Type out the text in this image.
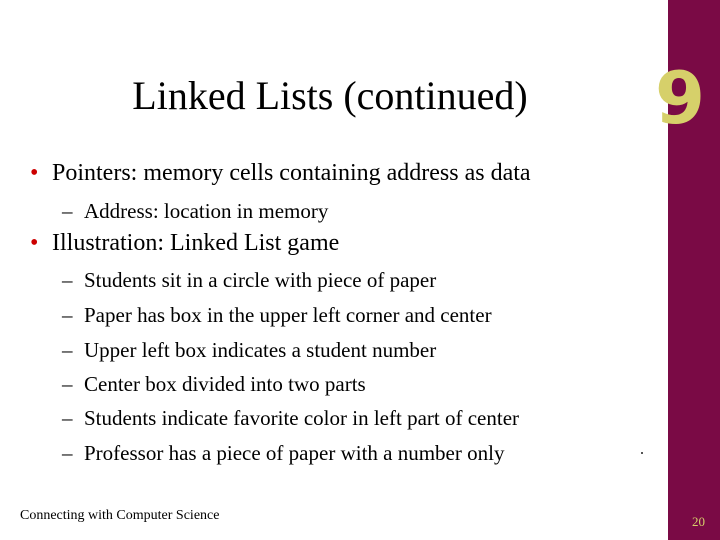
9
Linked Lists (continued)
• Pointers: memory cells containing address as data
– Address: location in memory
• Illustration: Linked List game
– Students sit in a circle with piece of paper
– Paper has box in the upper left corner and center
– Upper left box indicates a student number
– Center box divided into two parts
– Students indicate favorite color in left part of center
– Professor has a piece of paper with a number only
Connecting with Computer Science	20
